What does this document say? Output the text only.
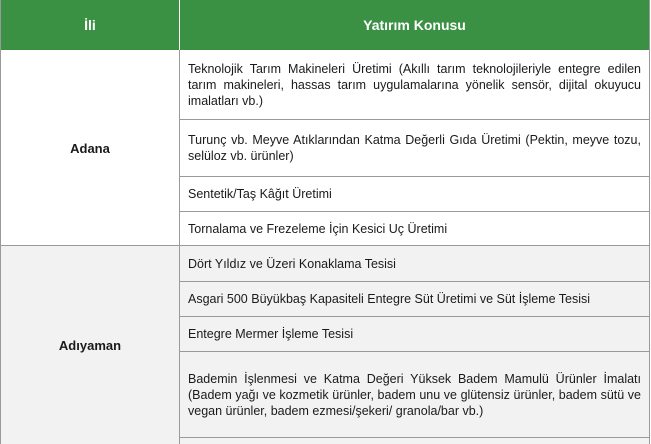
İli	Yatırım Konusu
Adana
Teknolojik Tarım Makineleri Üretimi (Akıllı tarım teknolojileriyle entegre edilen tarım makineleri, hassas tarım uygulamalarına yönelik sensör, dijital okuyucu imalatları vb.)
Turunç vb. Meyve Atıklarından Katma Değerli Gıda Üretimi (Pektin, meyve tozu, selüloz vb. ürünler)
Sentetik/Taş Kâğıt Üretimi
Tornalama ve Frezeleme İçin Kesici Uç Üretimi
Adıyaman
Dört Yıldız ve Üzeri Konaklama Tesisi
Asgari 500 Büyükbaş Kapasiteli Entegre Süt Üretimi ve Süt İşleme Tesisi
Entegre Mermer İşleme Tesisi
Bademin İşlenmesi ve Katma Değeri Yüksek Badem Mamulü Ürünler İmalatı (Badem yağı ve kozmetik ürünler, badem unu ve glütensiz ürünler, badem sütü ve vegan ürünler, badem ezmesi/şekeri/ granola/bar vb.)
